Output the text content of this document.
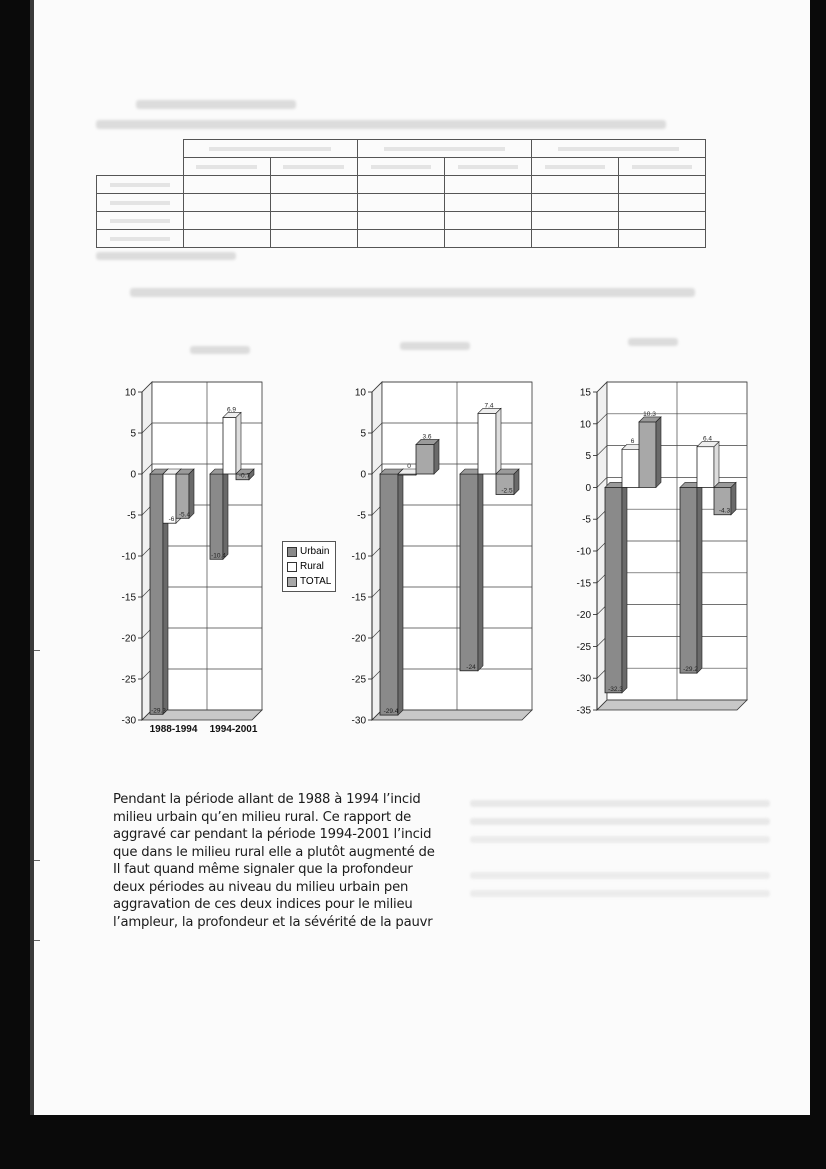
-30
-25
-20
-15
-10
-5
0
5
10
-29.3
-6
-5.4
1988-1994
-10.4
6.9
-0.7
1994-2001
-30
-25
-20
-15
-10
-5
0
5
10
-29.4
0
3.6
-24
7.4
-2.5
-35
-30
-25
-20
-15
-10
-5
0
5
10
15
-32.3
6
10.3
-29.2
6.4
-4.3
Urbain
Rural
TOTAL
Pendant la période allant de 1988 à 1994 l’incid
milieu urbain qu’en milieu rural. Ce rapport de
aggravé car pendant la période 1994-2001 l’incid
que dans le milieu rural elle a plutôt augmenté de
Il faut quand même signaler que la profondeur
deux périodes au niveau du milieu urbain pen
aggravation de ces deux indices pour le milieu
l’ampleur, la profondeur et la sévérité de la pauvr
